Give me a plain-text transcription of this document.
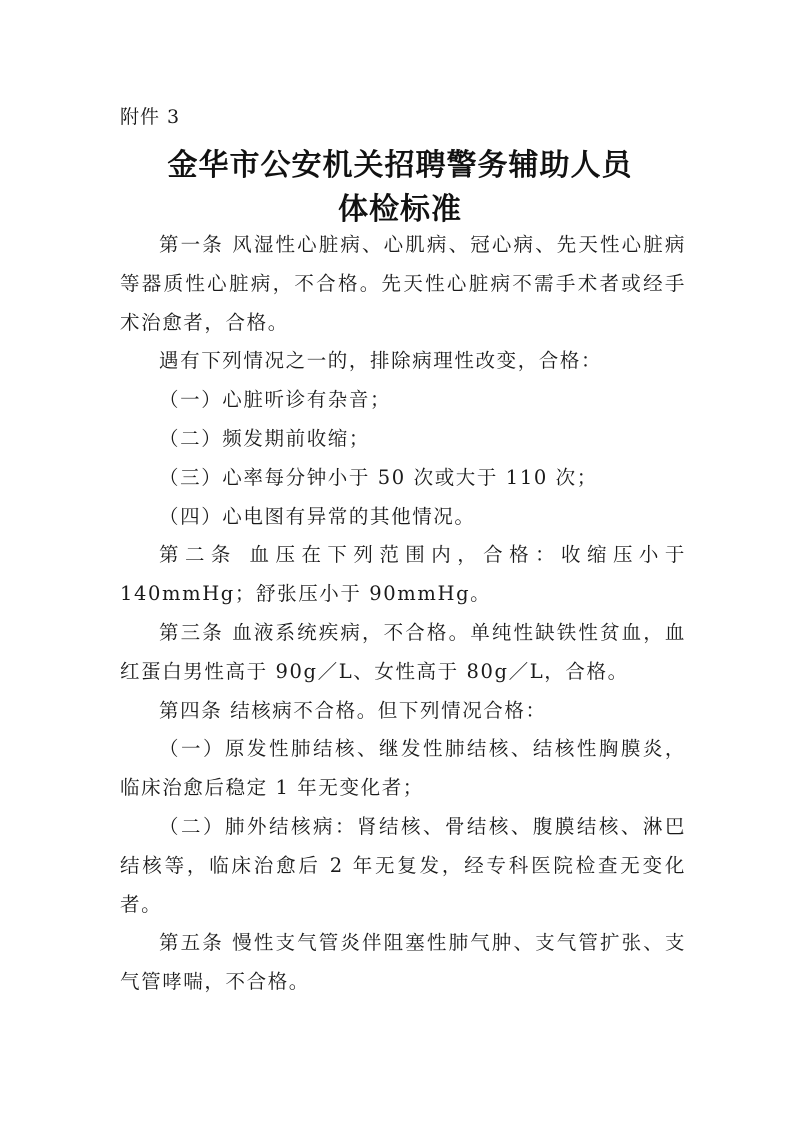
附件 3
金华市公安机关招聘警务辅助人员
体检标准

第一条 风湿性心脏病、心肌病、冠心病、先天性心脏病等器质性心脏病，不合格。先天性心脏病不需手术者或经手术治愈者，合格。

遇有下列情况之一的，排除病理性改变，合格：

（一）心脏听诊有杂音；

（二）频发期前收缩；

（三）心率每分钟小于 50 次或大于 110 次；

（四）心电图有异常的其他情况。

第二条 血压在下列范围内，合格：收缩压小于 140mmHg；舒张压小于 90mmHg。

第三条 血液系统疾病，不合格。单纯性缺铁性贫血，血红蛋白男性高于 90g／L、女性高于 80g／L，合格。

第四条 结核病不合格。但下列情况合格：

（一）原发性肺结核、继发性肺结核、结核性胸膜炎，临床治愈后稳定 1 年无变化者；

（二）肺外结核病：肾结核、骨结核、腹膜结核、淋巴结核等，临床治愈后 2 年无复发，经专科医院检查无变化者。

第五条 慢性支气管炎伴阻塞性肺气肿、支气管扩张、支气管哮喘，不合格。
